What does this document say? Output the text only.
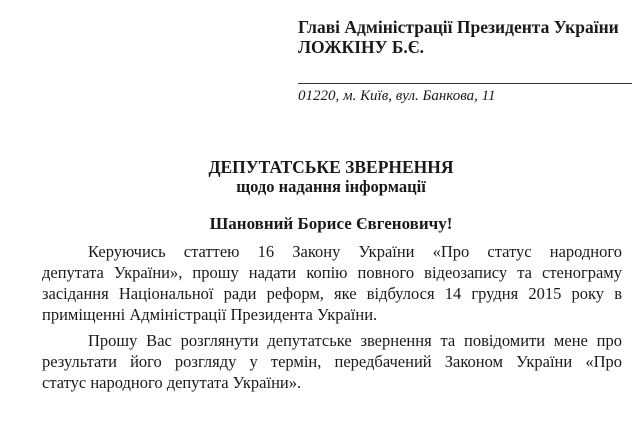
Главі Адміністрації Президента України
ЛОЖКІНУ Б.Є.
01220, м. Київ, вул. Банкова, 11
ДЕПУТАТСЬКЕ ЗВЕРНЕННЯ
щодо надання інформації
Шановний Борисе Євгеновичу!
Керуючись статтею 16 Закону України «Про статус народного
депутата України», прошу надати копію повного відеозапису та стенограму
засідання Національної ради реформ, яке відбулося 14 грудня 2015 року в
приміщенні Адміністрації Президента України.
Прошу Вас розглянути депутатське звернення та повідомити мене про
результати його розгляду у термін, передбачений Законом України «Про
статус народного депутата України».
